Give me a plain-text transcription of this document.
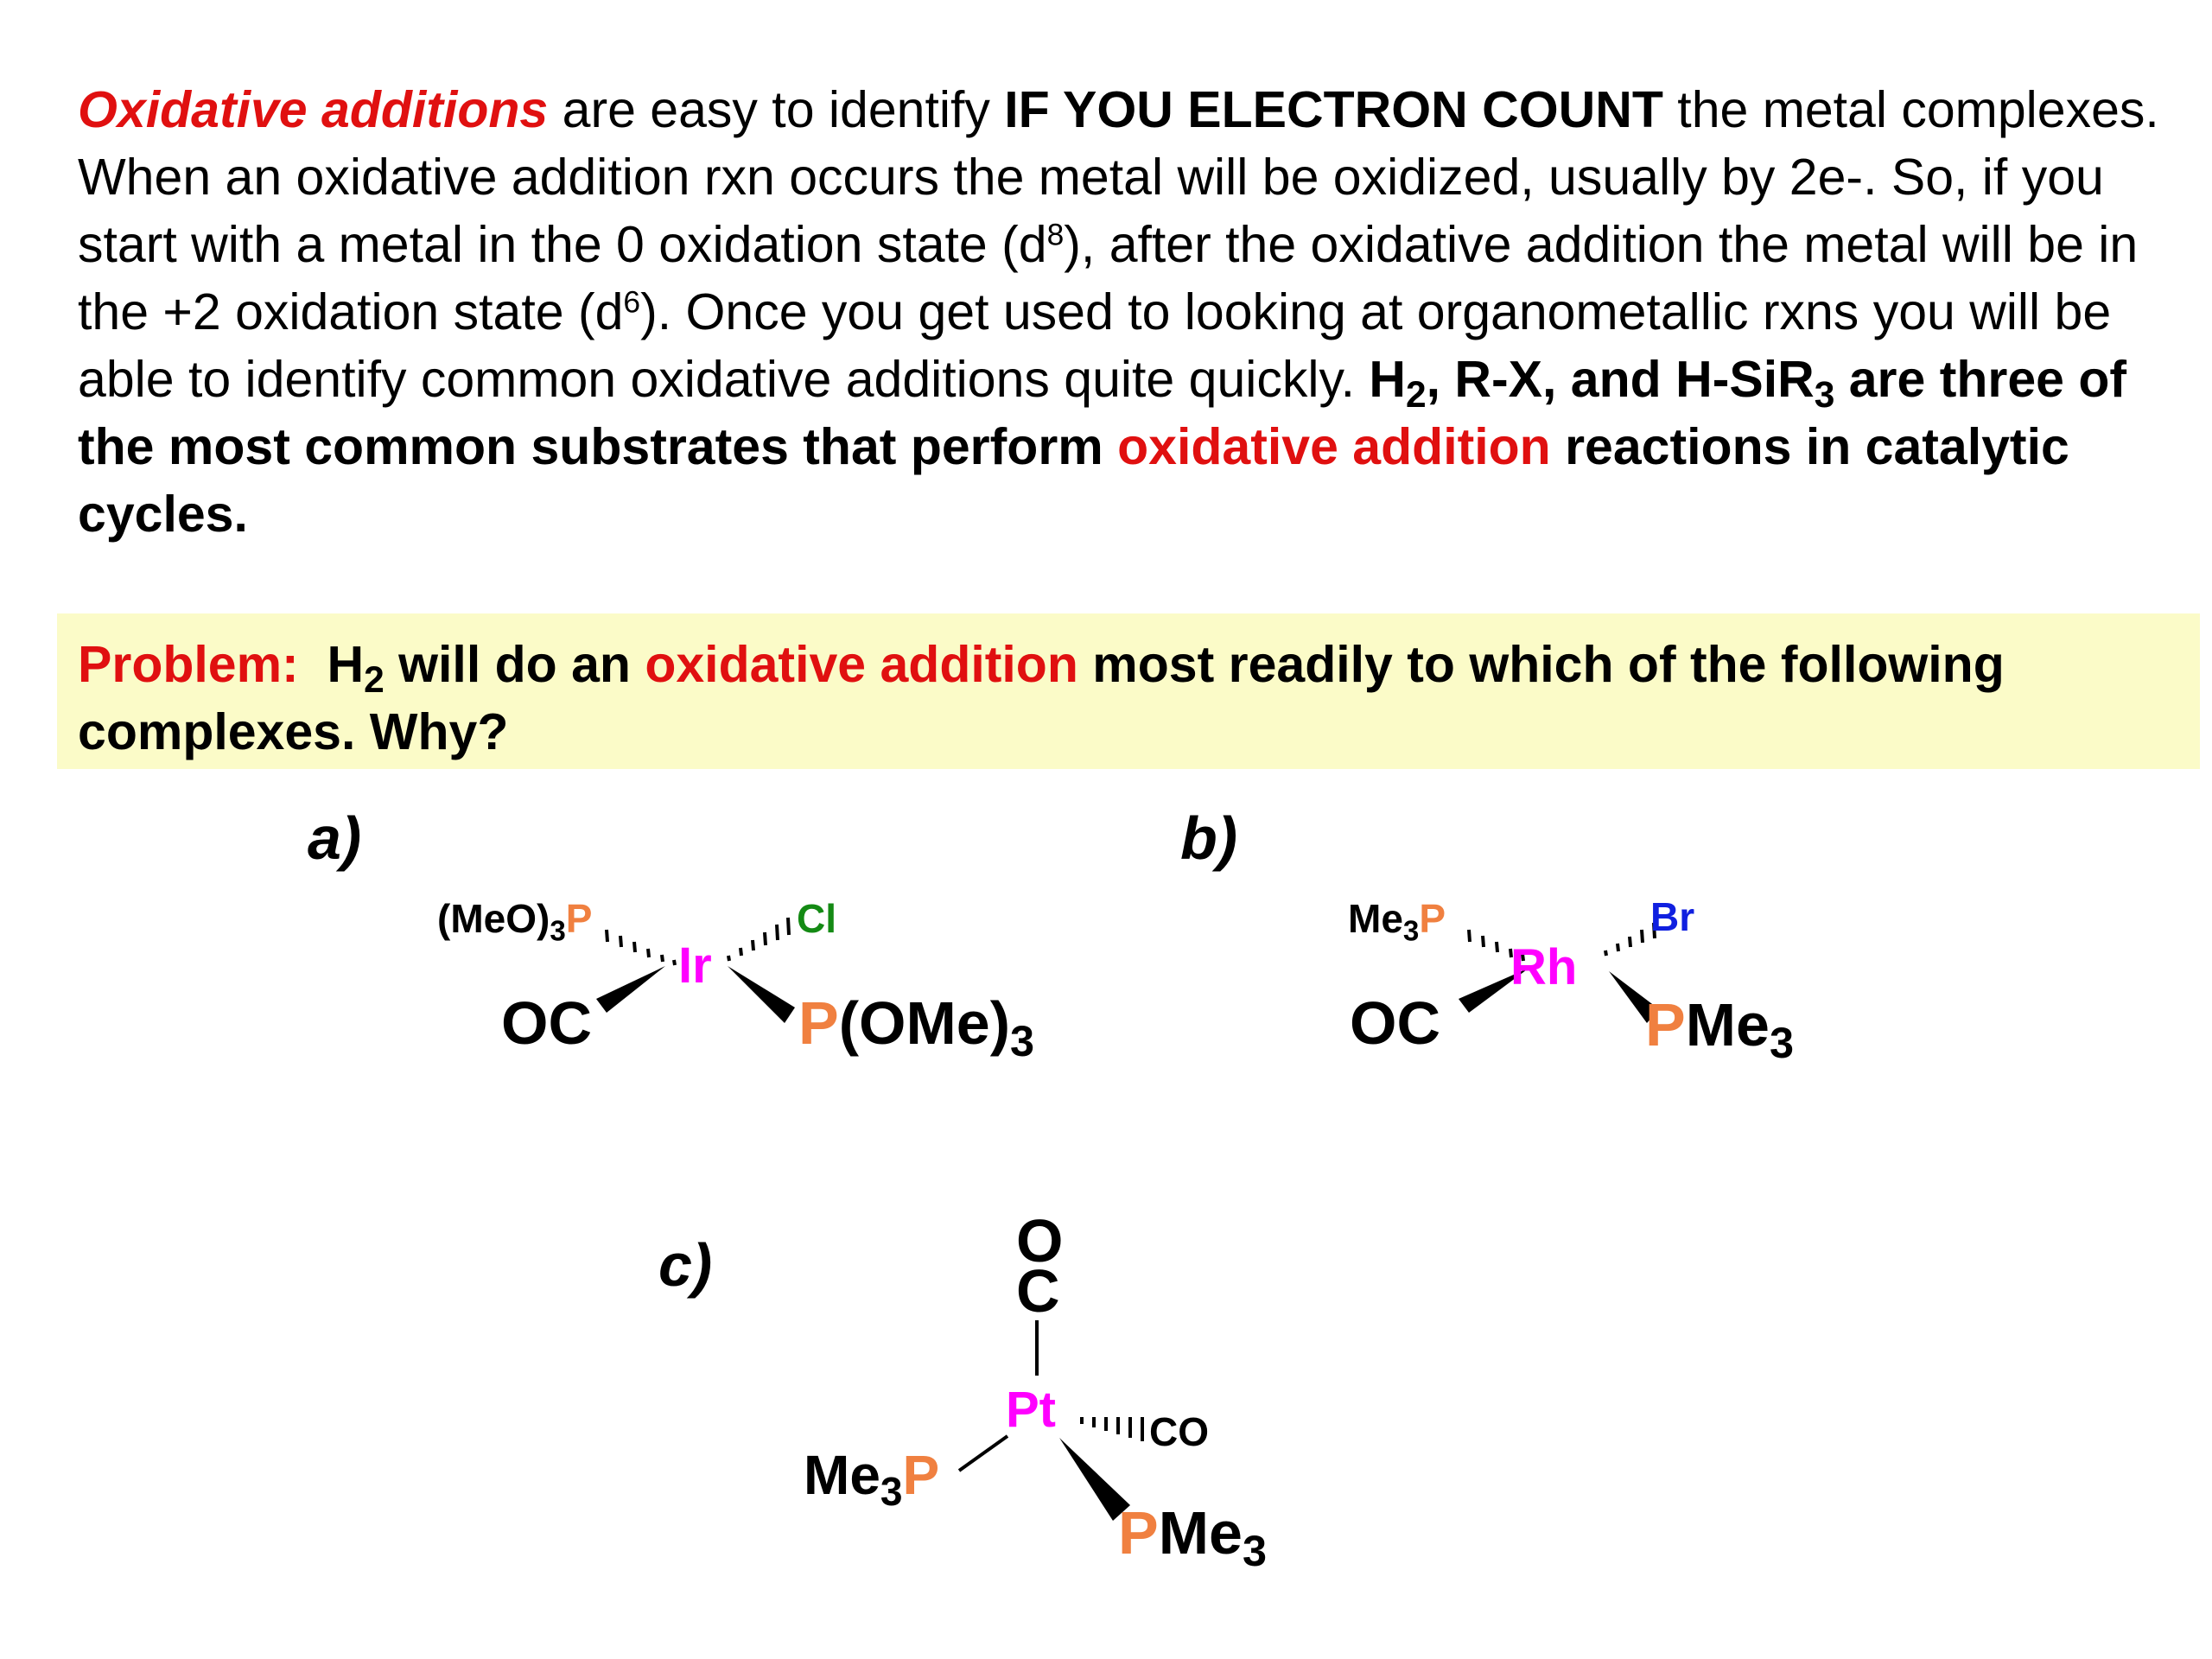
Oxidative additions are easy to identify IF YOU ELECTRON COUNT the metal complexes. When an oxidative addition rxn occurs the metal will be oxidized, usually by 2e-. So, if you start with a metal in the 0 oxidation state $(d^8)$, after the oxidative addition the metal will be in the +2 oxidation state $(d^6)$. Once you get used to looking at organometallic rxns you will be able to identify common oxidative additions quite quickly. $H_2$, R-X, and H-SiR$_3$ are three of the most common substrates that perform oxidative addition reactions in catalytic cycles.

Problem: $H_2$ will do an oxidative addition most readily to which of the following complexes. Why?

a)
$(MeO)_3P$	Cl
Ir
OC	$P(OMe)_3$
b)
$Me_3P$	Br
Rh
OC	PMe$_3$
c)	O
C
Pt CO
$Me_3P$
PMe$_3$
